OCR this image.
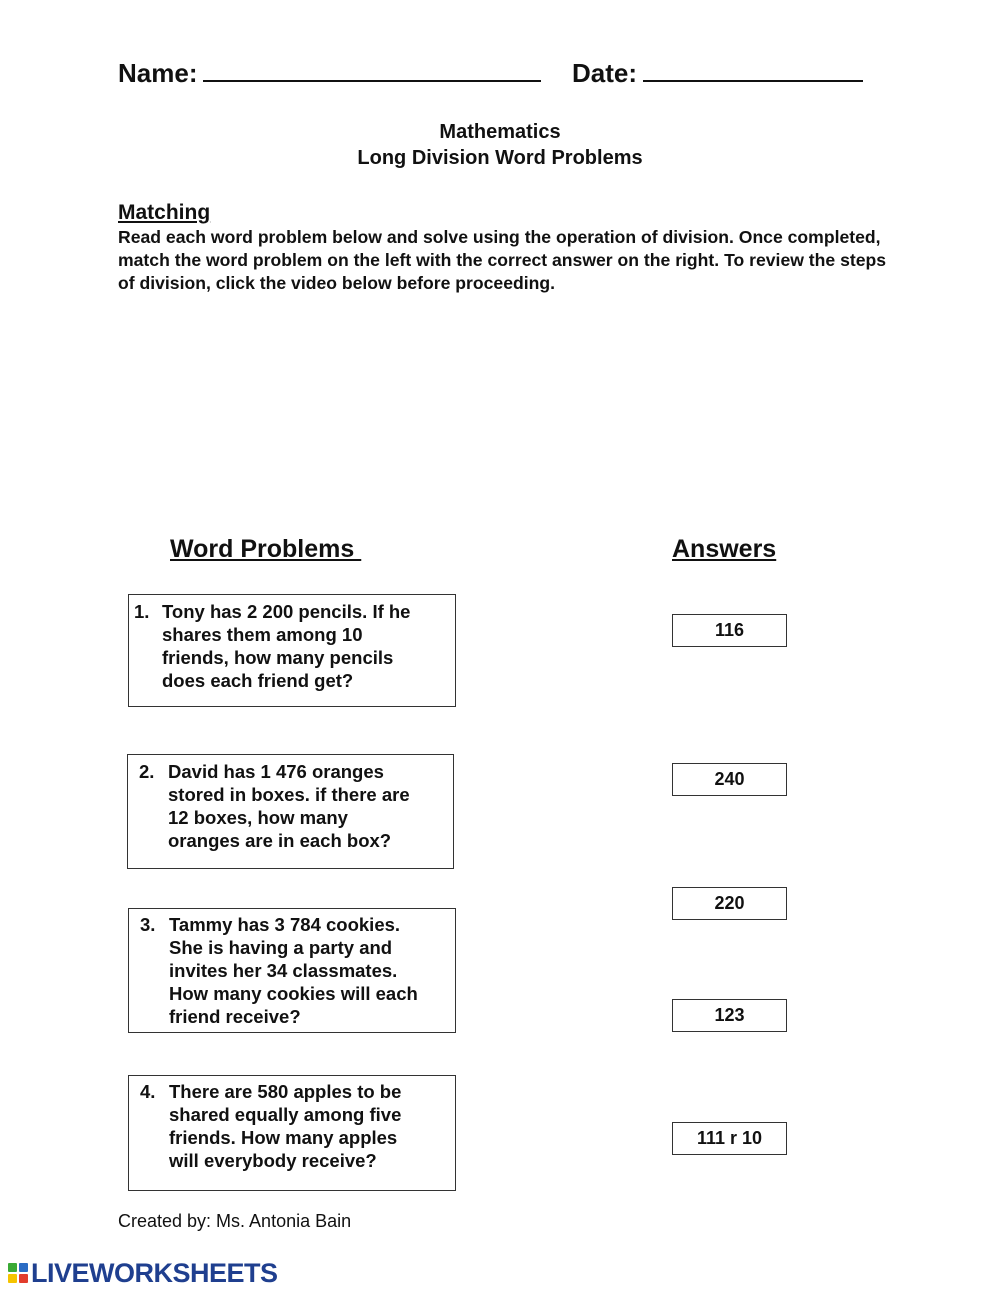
Name:	Date:
Mathematics
Long Division Word Problems
Matching
Read each word problem below and solve using the operation of division. Once completed, match the word problem on the left with the correct answer on the right. To review the steps of division, click the video below before proceeding.
Word Problems	Answers
1. Tony has 2 200 pencils. If he
shares them among 10
friends, how many pencils
does each friend get?
2. David has 1 476 oranges
stored in boxes. if there are
12 boxes, how many
oranges are in each box?
3. Tammy has 3 784 cookies.
She is having a party and
invites her 34 classmates.
How many cookies will each
friend receive?
4. There are 580 apples to be
shared equally among five
friends. How many apples
will everybody receive?
116
240
220
123
111 r 10
Created by: Ms. Antonia Bain
LIVEWORKSHEETS
